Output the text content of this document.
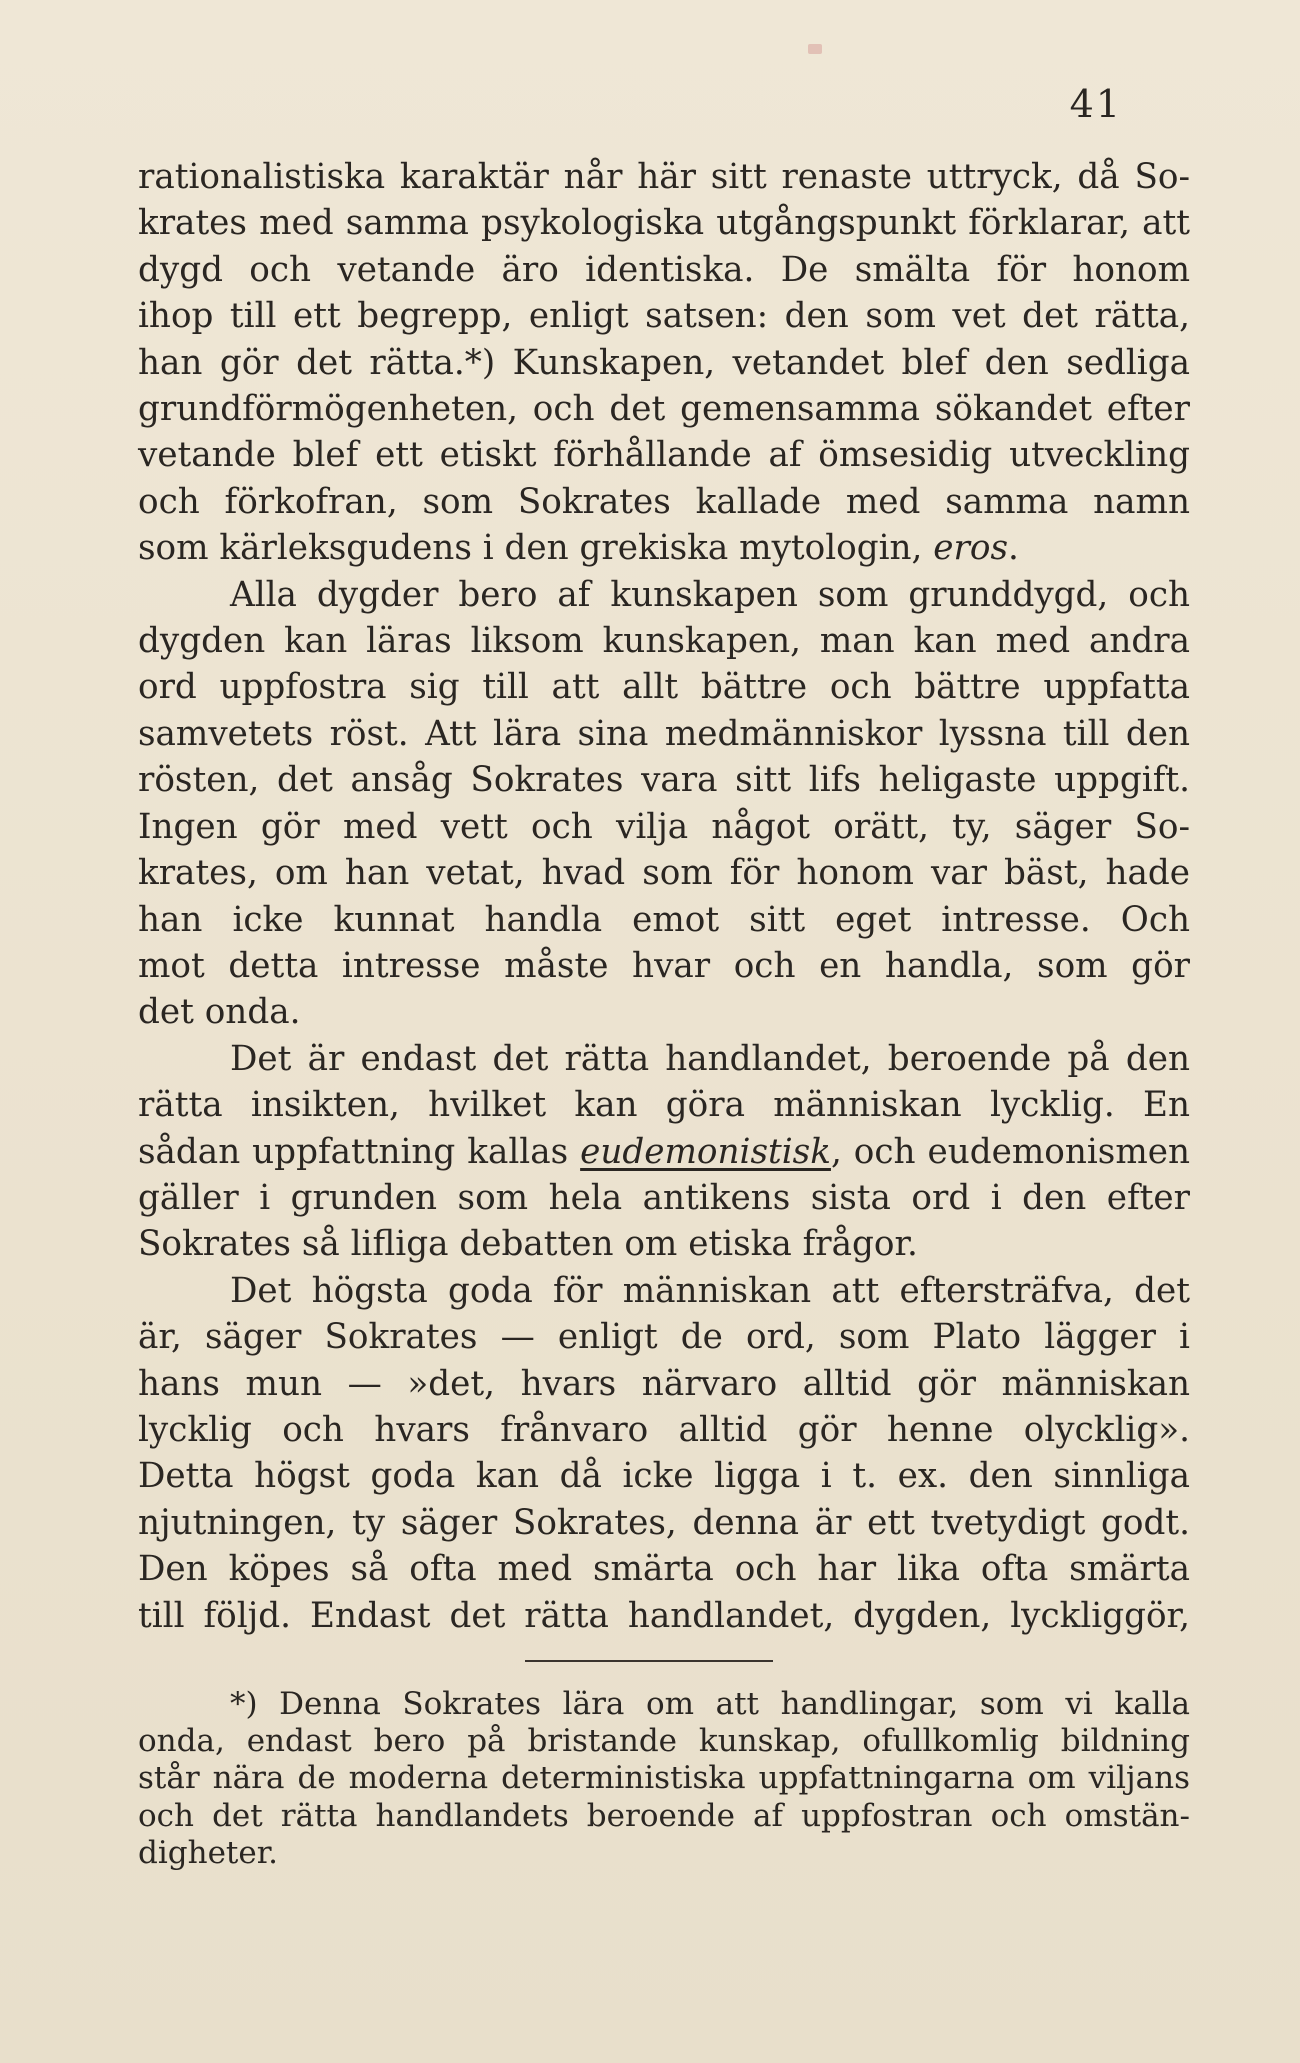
41
rationalistiska karaktär når här sitt renaste uttryck, då So-
krates med samma psykologiska utgångspunkt förklarar, att
dygd och vetande äro identiska. De smälta för honom
ihop till ett begrepp, enligt satsen: den som vet det rätta,
han gör det rätta.*) Kunskapen, vetandet blef den sedliga
grundförmögenheten, och det gemensamma sökandet efter
vetande blef ett etiskt förhållande af ömsesidig utveckling
och förkofran, som Sokrates kallade med samma namn
som kärleksgudens i den grekiska mytologin, eros.
Alla dygder bero af kunskapen som grunddygd, och
dygden kan läras liksom kunskapen, man kan med andra
ord uppfostra sig till att allt bättre och bättre uppfatta
samvetets röst. Att lära sina medmänniskor lyssna till den
rösten, det ansåg Sokrates vara sitt lifs heligaste uppgift.
Ingen gör med vett och vilja något orätt, ty, säger So-
krates, om han vetat, hvad som för honom var bäst, hade
han icke kunnat handla emot sitt eget intresse. Och
mot detta intresse måste hvar och en handla, som gör
det onda.
Det är endast det rätta handlandet, beroende på den
rätta insikten, hvilket kan göra människan lycklig. En
sådan uppfattning kallas eudemonistisk, och eudemonismen
gäller i grunden som hela antikens sista ord i den efter
Sokrates så lifliga debatten om etiska frågor.
Det högsta goda för människan att eftersträfva, det
är, säger Sokrates — enligt de ord, som Plato lägger i
hans mun — »det, hvars närvaro alltid gör människan
lycklig och hvars frånvaro alltid gör henne olycklig».
Detta högst goda kan då icke ligga i t. ex. den sinnliga
njutningen, ty säger Sokrates, denna är ett tvetydigt godt.
Den köpes så ofta med smärta och har lika ofta smärta
till följd. Endast det rätta handlandet, dygden, lyckliggör,
*) Denna Sokrates lära om att handlingar, som vi kalla
onda, endast bero på bristande kunskap, ofullkomlig bildning
står nära de moderna deterministiska uppfattningarna om viljans
och det rätta handlandets beroende af uppfostran och omstän-
digheter.
